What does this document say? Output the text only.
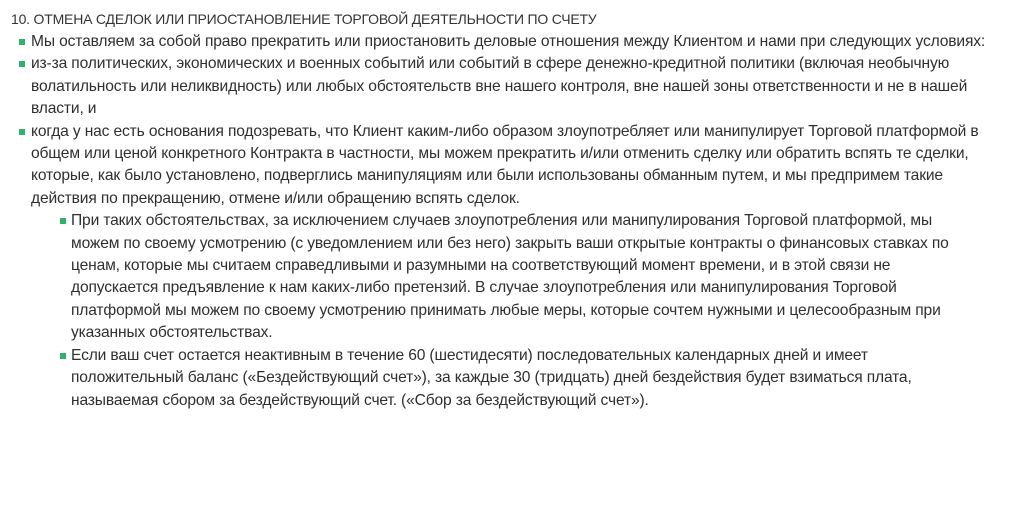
10. ОТМЕНА СДЕЛОК ИЛИ ПРИОСТАНОВЛЕНИЕ ТОРГОВОЙ ДЕЯТЕЛЬНОСТИ ПО СЧЕТУ
Мы оставляем за собой право прекратить или приостановить деловые отношения между Клиентом и нами при следующих условиях:
из-за политических, экономических и военных событий или событий в сфере денежно-кредитной политики (включая необычную волатильность или неликвидность) или любых обстоятельств вне нашего контроля, вне нашей зоны ответственности и не в нашей власти, и
когда у нас есть основания подозревать, что Клиент каким-либо образом злоупотребляет или манипулирует Торговой платформой в общем или ценой конкретного Контракта в частности, мы можем прекратить и/или отменить сделку или обратить вспять те сделки, которые, как было установлено, подверглись манипуляциям или были использованы обманным путем, и мы предпримем такие действия по прекращению, отмене и/или обращению вспять сделок.
При таких обстоятельствах, за исключением случаев злоупотребления или манипулирования Торговой платформой, мы можем по своему усмотрению (с уведомлением или без него) закрыть ваши открытые контракты о финансовых ставках по ценам, которые мы считаем справедливыми и разумными на соответствующий момент времени, и в этой связи не допускается предъявление к нам каких-либо претензий. В случае злоупотребления или манипулирования Торговой платформой мы можем по своему усмотрению принимать любые меры, которые сочтем нужными и целесообразным при указанных обстоятельствах.
Если ваш счет остается неактивным в течение 60 (шестидесяти) последовательных календарных дней и имеет положительный баланс («Бездействующий счет»), за каждые 30 (тридцать) дней бездействия будет взиматься плата, называемая сбором за бездействующий счет. («Сбор за бездействующий счет»).
